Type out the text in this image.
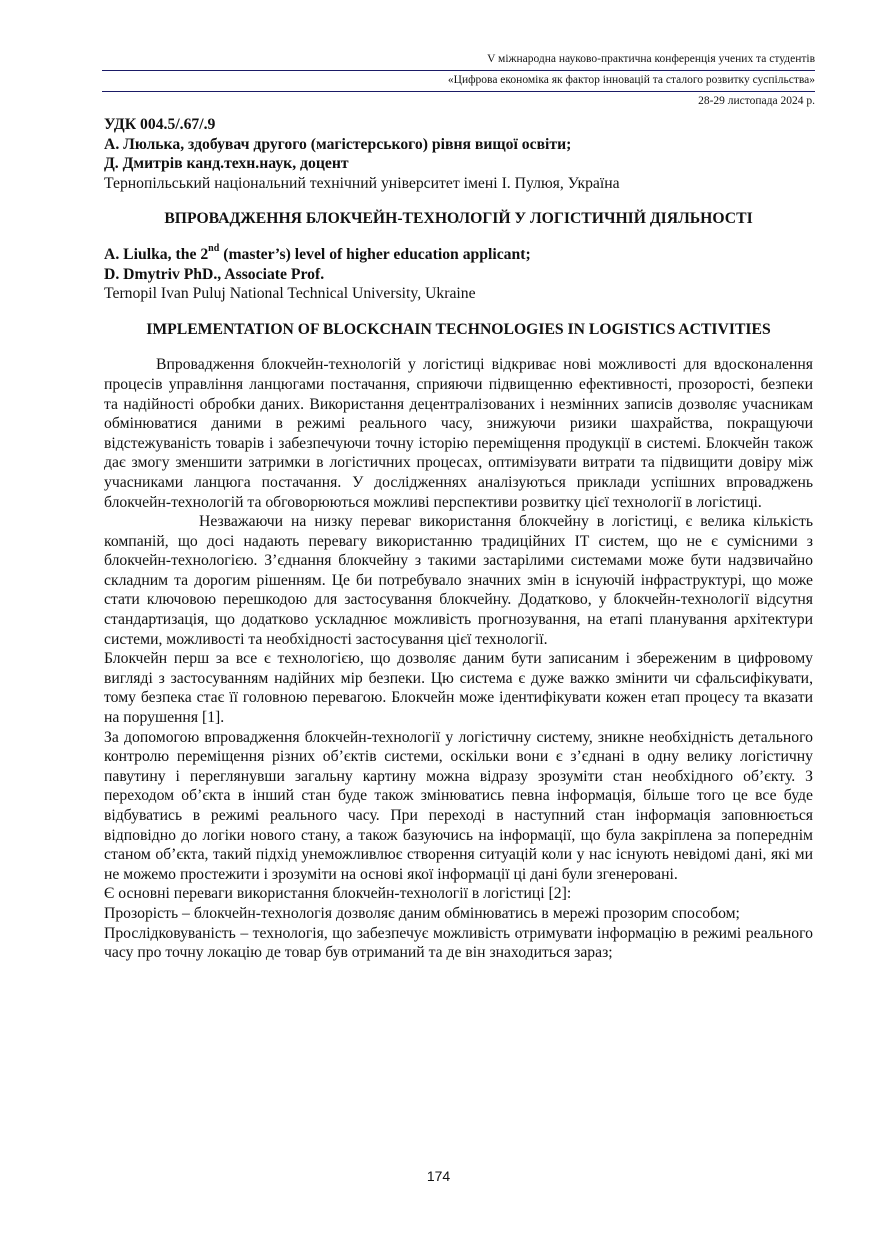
V міжнародна науково-практична конференція учених та студентів
«Цифрова економіка як фактор інновацій та сталого розвитку суспільства»
28-29 листопада 2024 р.
УДК 004.5/.67/.9
А. Люлька, здобувач другого (магістерського) рівня вищої освіти;
Д. Дмитрів канд.техн.наук, доцент
Тернопільський національний технічний університет імені І. Пулюя, Україна
ВПРОВАДЖЕННЯ БЛОКЧЕЙН-ТЕХНОЛОГІЙ У ЛОГІСТИЧНІЙ ДІЯЛЬНОСТІ
A. Liulka, the 2nd (master’s) level of higher education applicant;
D. Dmytriv PhD., Associate Prof.
Ternopil Ivan Puluj National Technical University, Ukraine
IMPLEMENTATION OF BLOCKCHAIN TECHNOLOGIES IN LOGISTICS ACTIVITIES

Впровадження блокчейн-технологій у логістиці відкриває нові можливості для вдосконалення процесів управління ланцюгами постачання, сприяючи підвищенню ефективності, прозорості, безпеки та надійності обробки даних. Використання децентралізованих і незмінних записів дозволяє учасникам обмінюватися даними в режимі реального часу, знижуючи ризики шахрайства, покращуючи відстежуваність товарів і забезпечуючи точну історію переміщення продукції в системі. Блокчейн також дає змогу зменшити затримки в логістичних процесах, оптимізувати витрати та підвищити довіру між учасниками ланцюга постачання. У дослідженнях аналізуються приклади успішних впроваджень блокчейн-технологій та обговорюються можливі перспективи розвитку цієї технології в логістиці.

Незважаючи на низку переваг використання блокчейну в логістиці, є велика кількість компаній, що досі надають перевагу використанню традиційних ІТ систем, що не є сумісними з блокчейн-технологією. З’єднання блокчейну з такими застарілими системами може бути надзвичайно складним та дорогим рішенням. Це би потребувало значних змін в існуючій інфраструктурі, що може стати ключовою перешкодою для застосування блокчейну. Додатково, у блокчейн-технології відсутня стандартизація, що додатково ускладнює можливість прогнозування, на етапі планування архітектури системи, можливості та необхідності застосування цієї технології.

Блокчейн перш за все є технологією, що дозволяє даним бути записаним і збереженим в цифровому вигляді з застосуванням надійних мір безпеки. Цю система є дуже важко змінити чи сфальсифікувати, тому безпека стає її головною перевагою. Блокчейн може ідентифікувати кожен етап процесу та вказати на порушення [1].

За допомогою впровадження блокчейн-технології у логістичну систему, зникне необхідність детального контролю переміщення різних об’єктів системи, оскільки вони є з’єднані в одну велику логістичну павутину і переглянувши загальну картину можна відразу зрозуміти стан необхідного об’єкту. З переходом об’єкта в інший стан буде також змінюватись певна інформація, більше того це все буде відбуватись в режимі реального часу. При переході в наступний стан інформація заповнюється відповідно до логіки нового стану, а також базуючись на інформації, що була закріплена за попереднім станом об’єкта, такий підхід унеможливлює створення ситуацій коли у нас існують невідомі дані, які ми не можемо простежити і зрозуміти на основі якої інформації ці дані були згенеровані.

Є основні переваги використання блокчейн-технології в логістиці [2]:

Прозорість – блокчейн-технологія дозволяє даним обмінюватись в мережі прозорим способом;

Прослідковуваність – технологія, що забезпечує можливість отримувати інформацію в режимі реального часу про точну локацію де товар був отриманий та де він знаходиться зараз;

174
